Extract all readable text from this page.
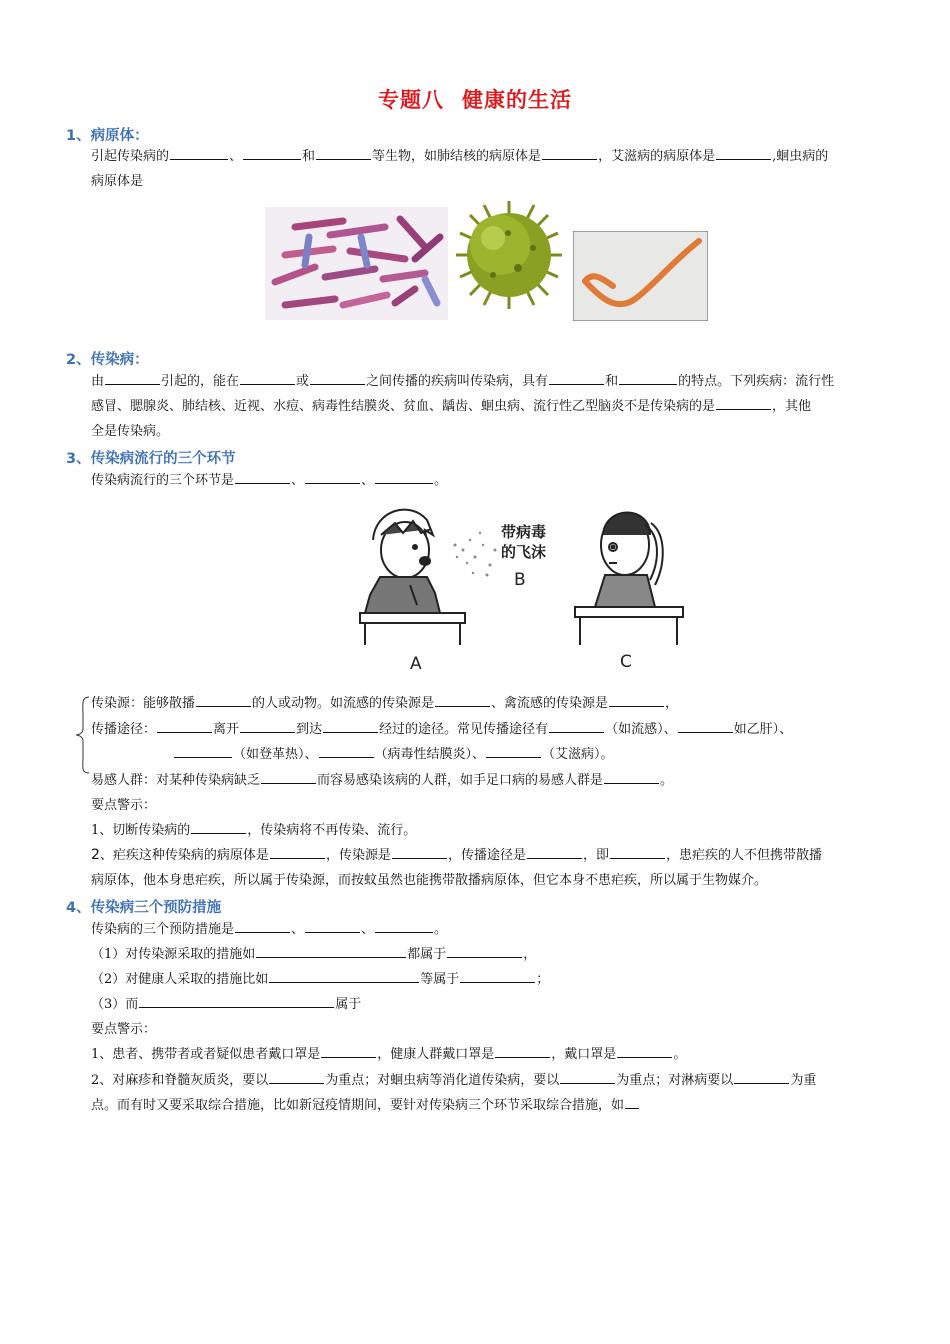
专题八 健康的生活
1、病原体：
引起传染病的	、	和	等生物，如肺结核的病原体是	，艾滋病的病原体是	,蛔虫病的
病原体是
2、传染病：
由	引起的，能在	或	之间传播的疾病叫传染病，具有	和	的特点。下列疾病：流行性
感冒、腮腺炎、肺结核、近视、水痘、病毒性结膜炎、贫血、龋齿、蛔虫病、流行性乙型脑炎不是传染病的是	，其他
全是传染病。
3、传染病流行的三个环节
传染病流行的三个环节是	、	、	。
带病毒
的飞沫
B
A	C
传染源：能够散播	的人或动物。如流感的传染源是	、禽流感的传染源是	，
传播途径：	离开	到达	经过的途径。常见传播途径有	（如流感）、	如乙肝）、
（如登革热）、	（病毒性结膜炎）、	（艾滋病）。
易感人群：对某种传染病缺乏	而容易感染该病的人群，如手足口病的易感人群是	。
要点警示：
1、切断传染病的	，传染病将不再传染、流行。
2、疟疾这种传染病的病原体是	，传染源是	，传播途径是	，即	，患疟疾的人不但携带散播
病原体，他本身患疟疾，所以属于传染源，而按蚊虽然也能携带散播病原体，但它本身不患疟疾，所以属于生物媒介。
4、传染病三个预防措施
传染病的三个预防措施是	、	、	。
（1）对传染源采取的措施如	都属于	，
（2）对健康人采取的措施比如	等属于	；
（3）而	属于
要点警示：
1、患者、携带者或者疑似患者戴口罩是	，健康人群戴口罩是	，戴口罩是	。
2、对麻疹和脊髓灰质炎，要以	为重点；对蛔虫病等消化道传染病，要以	为重点；对淋病要以	为重
点。而有时又要采取综合措施，比如新冠疫情期间，要针对传染病三个环节采取综合措施，如
